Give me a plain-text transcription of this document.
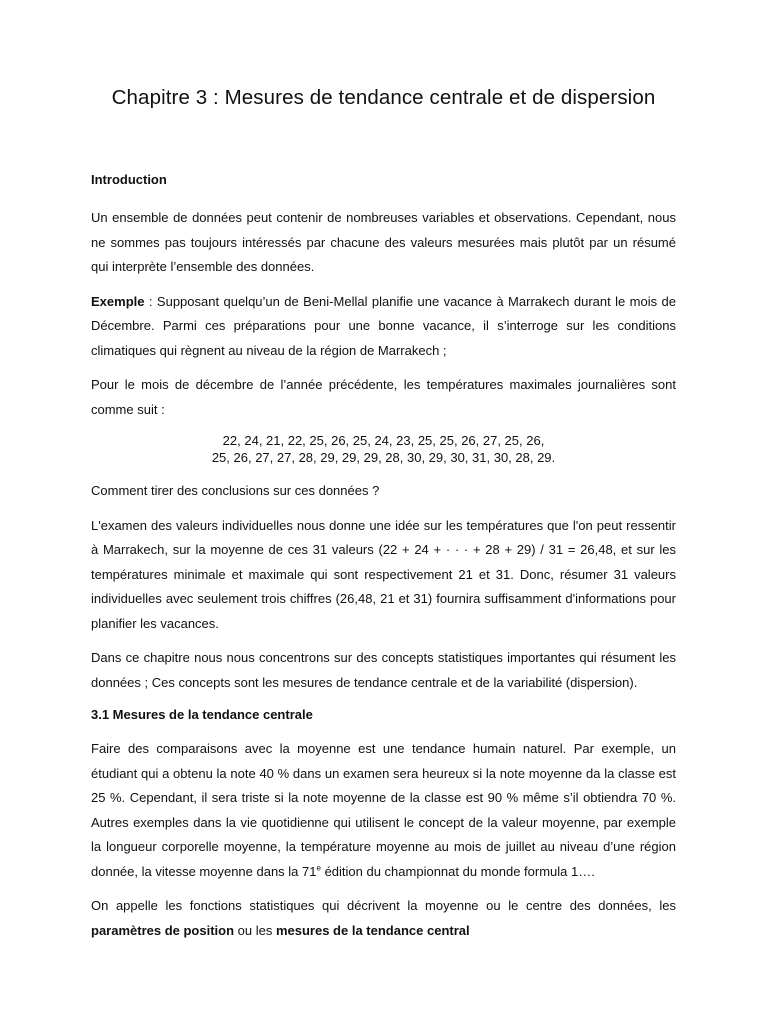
Chapitre 3 : Mesures de tendance centrale et de dispersion
Introduction

Un ensemble de données peut contenir de nombreuses variables et observations. Cependant, nous ne sommes pas toujours intéressés par chacune des valeurs mesurées mais plutôt par un résumé qui interprète l’ensemble des données.

Exemple : Supposant quelqu’un de Beni-Mellal planifie une vacance à Marrakech durant le mois de Décembre. Parmi ces préparations pour une bonne vacance, il s’interroge sur les conditions climatiques qui règnent au niveau de la région de Marrakech ;

Pour le mois de décembre de l’année précédente, les températures maximales journalières sont comme suit :

22, 24, 21, 22, 25, 26, 25, 24, 23, 25, 25, 26, 27, 25, 26,

25, 26, 27, 27, 28, 29, 29, 29, 28, 30, 29, 30, 31, 30, 28, 29.

Comment tirer des conclusions sur ces données ?

L'examen des valeurs individuelles nous donne une idée sur les températures que l'on peut ressentir à Marrakech, sur la moyenne de ces 31 valeurs (22 + 24 + · · · + 28 + 29) / 31 = 26,48, et sur les températures minimale et maximale qui sont respectivement 21 et 31. Donc, résumer 31 valeurs individuelles avec seulement trois chiffres (26,48, 21 et 31) fournira suffisamment d'informations pour planifier les vacances.

Dans ce chapitre nous nous concentrons sur des concepts statistiques importantes qui résument les données ; Ces concepts sont les mesures de tendance centrale et de la variabilité (dispersion).

3.1 Mesures de la tendance centrale

Faire des comparaisons avec la moyenne est une tendance humain naturel. Par exemple, un étudiant qui a obtenu la note 40 % dans un examen sera heureux si la note moyenne da la classe est 25 %. Cependant, il sera triste si la note moyenne de la classe est 90 % même s’il obtiendra 70 %. Autres exemples dans la vie quotidienne qui utilisent le concept de la valeur moyenne, par exemple la longueur corporelle moyenne, la température moyenne au mois de juillet au niveau d’une région donnée, la vitesse moyenne dans la 71e édition du championnat du monde formula 1….

On appelle les fonctions statistiques qui décrivent la moyenne ou le centre des données, les paramètres de position ou les mesures de la tendance central
